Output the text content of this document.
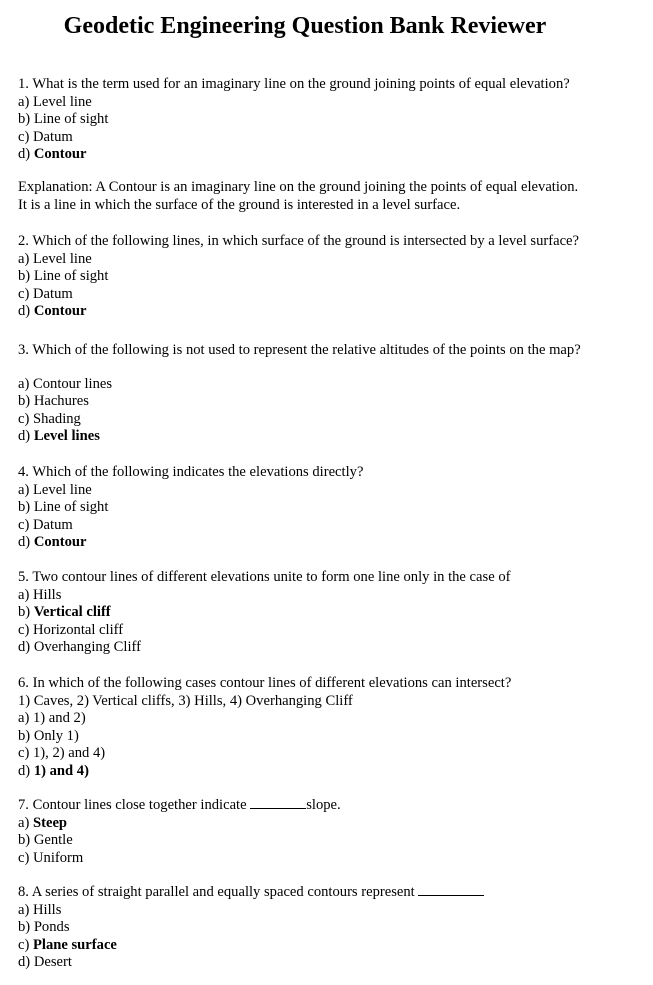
Geodetic Engineering Question Bank Reviewer
1. What is the term used for an imaginary line on the ground joining points of equal elevation?
a) Level line
b) Line of sight
c) Datum
d) Contour
Explanation: A Contour is an imaginary line on the ground joining the points of equal elevation.
It is a line in which the surface of the ground is interested in a level surface.
2. Which of the following lines, in which surface of the ground is intersected by a level surface?
a) Level line
b) Line of sight
c) Datum
d) Contour
3. Which of the following is not used to represent the relative altitudes of the points on the map?
a) Contour lines
b) Hachures
c) Shading
d) Level lines
4. Which of the following indicates the elevations directly?
a) Level line
b) Line of sight
c) Datum
d) Contour
5. Two contour lines of different elevations unite to form one line only in the case of
a) Hills
b) Vertical cliff
c) Horizontal cliff
d) Overhanging Cliff
6. In which of the following cases contour lines of different elevations can intersect?
1) Caves, 2) Vertical cliffs, 3) Hills, 4) Overhanging Cliff
a) 1) and 2)
b) Only 1)
c) 1), 2) and 4)
d) 1) and 4)
7. Contour lines close together indicate	slope.
a) Steep
b) Gentle
c) Uniform
8. A series of straight parallel and equally spaced contours represent
a) Hills
b) Ponds
c) Plane surface
d) Desert
